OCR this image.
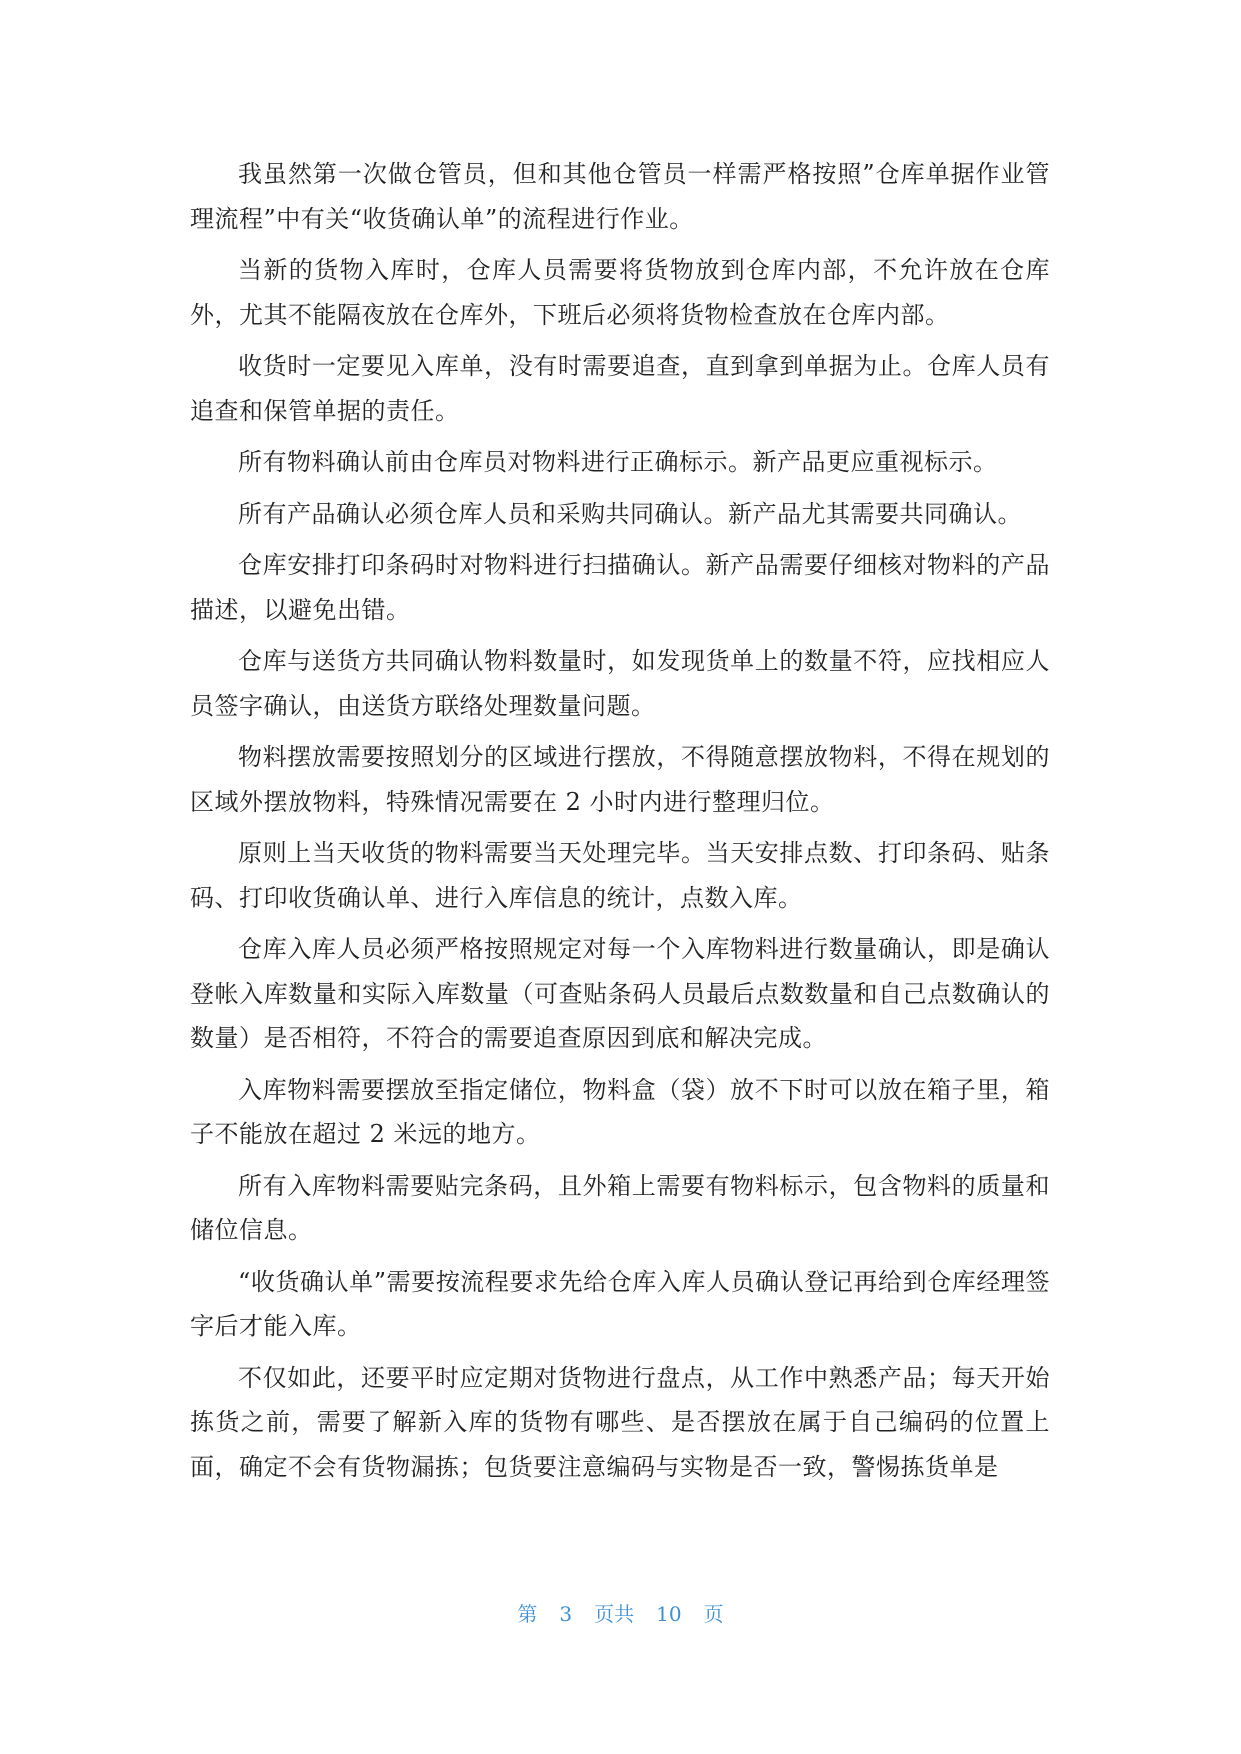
我虽然第一次做仓管员，但和其他仓管员一样需严格按照”仓库单据作业管理流程”中有关“收货确认单”的流程进行作业。

当新的货物入库时，仓库人员需要将货物放到仓库内部，不允许放在仓库外，尤其不能隔夜放在仓库外，下班后必须将货物检查放在仓库内部。

收货时一定要见入库单，没有时需要追查，直到拿到单据为止。仓库人员有追查和保管单据的责任。

所有物料确认前由仓库员对物料进行正确标示。新产品更应重视标示。

所有产品确认必须仓库人员和采购共同确认。新产品尤其需要共同确认。

仓库安排打印条码时对物料进行扫描确认。新产品需要仔细核对物料的产品描述，以避免出错。

仓库与送货方共同确认物料数量时，如发现货单上的数量不符，应找相应人员签字确认，由送货方联络处理数量问题。

物料摆放需要按照划分的区域进行摆放，不得随意摆放物料，不得在规划的区域外摆放物料，特殊情况需要在 2 小时内进行整理归位。

原则上当天收货的物料需要当天处理完毕。当天安排点数、打印条码、贴条码、打印收货确认单、进行入库信息的统计，点数入库。

仓库入库人员必须严格按照规定对每一个入库物料进行数量确认，即是确认登帐入库数量和实际入库数量（可查贴条码人员最后点数数量和自己点数确认的数量）是否相符，不符合的需要追查原因到底和解决完成。

入库物料需要摆放至指定储位，物料盒（袋）放不下时可以放在箱子里，箱子不能放在超过 2 米远的地方。

所有入库物料需要贴完条码，且外箱上需要有物料标示，包含物料的质量和储位信息。

“收货确认单”需要按流程要求先给仓库入库人员确认登记再给到仓库经理签字后才能入库。

不仅如此，还要平时应定期对货物进行盘点，从工作中熟悉产品；每天开始拣货之前，需要了解新入库的货物有哪些、是否摆放在属于自己编码的位置上面，确定不会有货物漏拣；包货要注意编码与实物是否一致，警惕拣货单是

第 3 页共 10 页
